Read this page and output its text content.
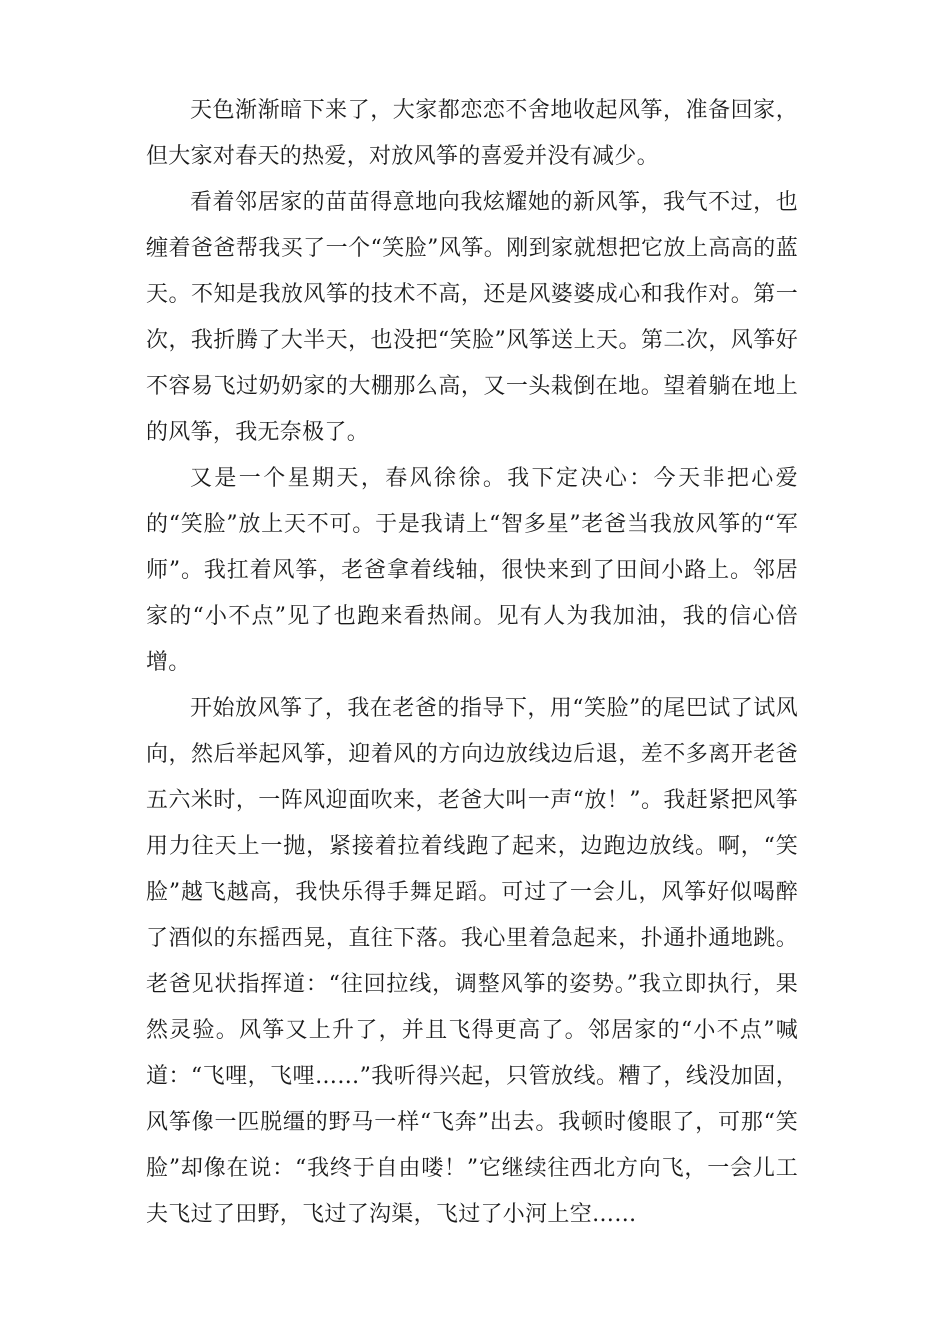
天色渐渐暗下来了，大家都恋恋不舍地收起风筝，准备回家，但大家对春天的热爱，对放风筝的喜爱并没有减少。

看着邻居家的苗苗得意地向我炫耀她的新风筝，我气不过，也缠着爸爸帮我买了一个“笑脸”风筝。刚到家就想把它放上高高的蓝天。不知是我放风筝的技术不高，还是风婆婆成心和我作对。第一次，我折腾了大半天，也没把“笑脸”风筝送上天。第二次，风筝好不容易飞过奶奶家的大棚那么高，又一头栽倒在地。望着躺在地上的风筝，我无奈极了。

又是一个星期天，春风徐徐。我下定决心：今天非把心爱的“笑脸”放上天不可。于是我请上“智多星”老爸当我放风筝的“军师”。我扛着风筝，老爸拿着线轴，很快来到了田间小路上。邻居家的“小不点”见了也跑来看热闹。见有人为我加油，我的信心倍增。

开始放风筝了，我在老爸的指导下，用“笑脸”的尾巴试了试风向，然后举起风筝，迎着风的方向边放线边后退，差不多离开老爸五六米时，一阵风迎面吹来，老爸大叫一声“放！”。我赶紧把风筝用力往天上一抛，紧接着拉着线跑了起来，边跑边放线。啊，“笑脸”越飞越高，我快乐得手舞足蹈。可过了一会儿，风筝好似喝醉了酒似的东摇西晃，直往下落。我心里着急起来，扑通扑通地跳。老爸见状指挥道：“往回拉线，调整风筝的姿势。”我立即执行，果然灵验。风筝又上升了，并且飞得更高了。邻居家的“小不点”喊道：“飞哩，飞哩……”我听得兴起，只管放线。糟了，线没加固，风筝像一匹脱缰的野马一样“飞奔”出去。我顿时傻眼了，可那“笑脸”却像在说：“我终于自由喽！”它继续往西北方向飞，一会儿工夫飞过了田野，飞过了沟渠，飞过了小河上空……
